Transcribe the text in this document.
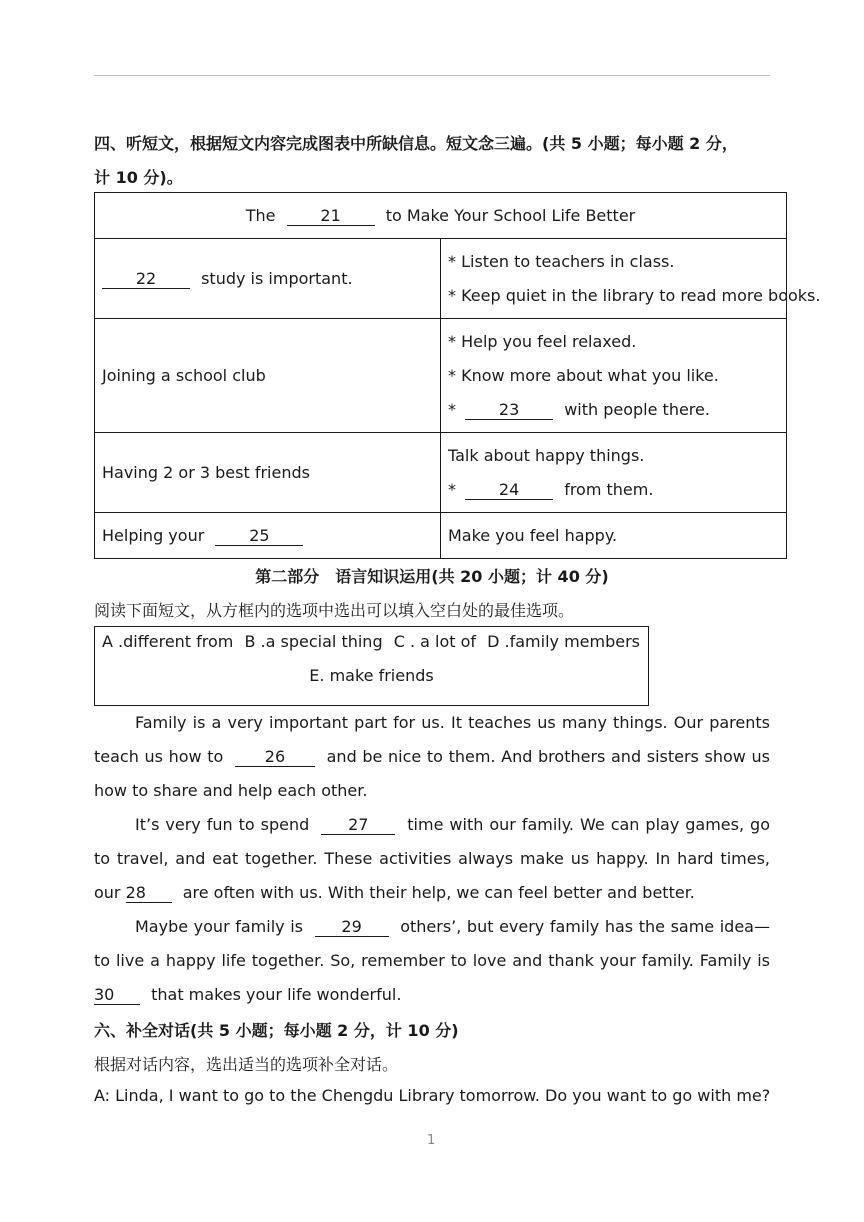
四、听短文，根据短文内容完成图表中所缺信息。短文念三遍。(共 5 小题；每小题 2 分，
计 10 分)。
The 21 to Make Your School Life Better	
22 study is important.	* Listen to teachers in class.
* Keep quiet in the library to read more books.

Joining a school club	* Help you feel relaxed.
* Know more about what you like.
* 23 with people there.

Having 2 or 3 best friends	Talk about happy things.
* 24 from them.

Helping your 25	Make you feel happy.
第二部分　语言知识运用(共 20 小题；计 40 分)
阅读下面短文，从方框内的选项中选出可以填入空白处的最佳选项。
A .different from B .a special thing C . a lot of D .family members
E. make friends
Family is a very important part for us. It teaches us many things. Our parents teach us how to	26	and be nice to them. And brothers and sisters show us how to share and help each other.
It’s very fun to spend 27 time with our family. We can play games, go to travel, and eat together. These activities always make us happy. In hard times, our 28 are often with us. With their help, we can feel better and better.
Maybe your family is 29 others’, but every family has the same idea—to live a happy life together. So, remember to love and thank your family. Family is 30 that makes your life wonderful.
六、补全对话(共 5 小题；每小题 2 分，计 10 分)
根据对话内容，选出适当的选项补全对话。
A: Linda, I want to go to the Chengdu Library tomorrow. Do you want to go with me?
1
